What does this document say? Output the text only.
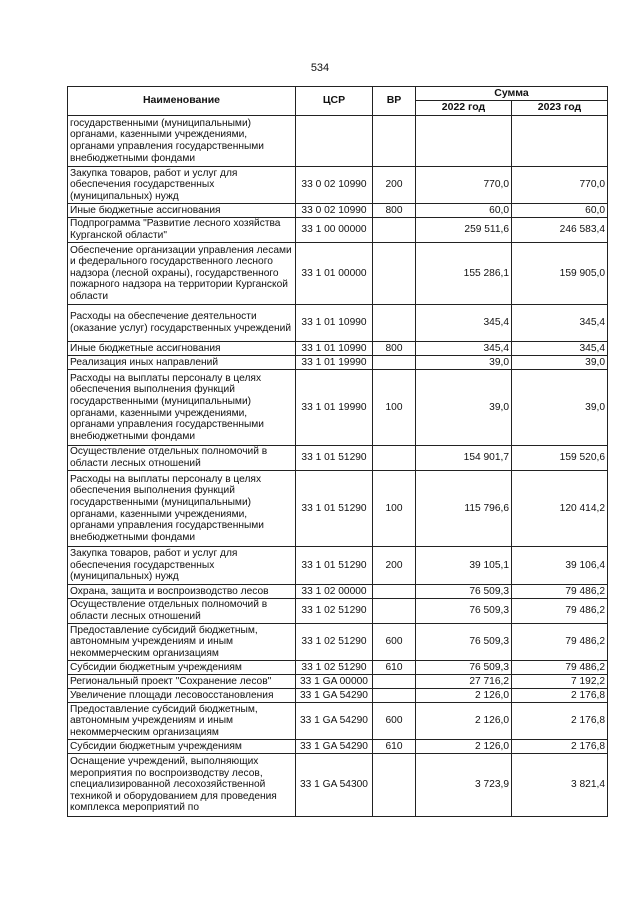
534
Наименование	ЦСР	ВР	Сумма	
			2022 год	2023 год
государственными (муниципальными) органами, казенными учреждениями, органами управления государственными внебюджетными фондами				
Закупка товаров, работ и услуг для обеспечения государственных (муниципальных) нужд	33 0 02 10990	200	770,0	770,0
Иные бюджетные ассигнования	33 0 02 10990	800	60,0	60,0
Подпрограмма "Развитие лесного хозяйства Курганской области"	33 1 00 00000		259 511,6	246 583,4
Обеспечение организации управления лесами и федерального государственного лесного надзора (лесной охраны), государственного пожарного надзора на территории Курганской области	33 1 01 00000		155 286,1	159 905,0
Расходы на обеспечение деятельности (оказание услуг) государственных учреждений	33 1 01 10990		345,4	345,4
Иные бюджетные ассигнования	33 1 01 10990	800	345,4	345,4
Реализация иных направлений	33 1 01 19990		39,0	39,0
Расходы на выплаты персоналу в целях обеспечения выполнения функций государственными (муниципальными) органами, казенными учреждениями, органами управления государственными внебюджетными фондами	33 1 01 19990	100	39,0	39,0
Осуществление отдельных полномочий в области лесных отношений	33 1 01 51290		154 901,7	159 520,6
Расходы на выплаты персоналу в целях обеспечения выполнения функций государственными (муниципальными) органами, казенными учреждениями, органами управления государственными внебюджетными фондами	33 1 01 51290	100	115 796,6	120 414,2
Закупка товаров, работ и услуг для обеспечения государственных (муниципальных) нужд	33 1 01 51290	200	39 105,1	39 106,4
Охрана, защита и воспроизводство лесов	33 1 02 00000		76 509,3	79 486,2
Осуществление отдельных полномочий в области лесных отношений	33 1 02 51290		76 509,3	79 486,2
Предоставление субсидий бюджетным, автономным учреждениям и иным некоммерческим организациям	33 1 02 51290	600	76 509,3	79 486,2
Субсидии бюджетным учреждениям	33 1 02 51290	610	76 509,3	79 486,2
Региональный проект "Сохранение лесов"	33 1 GA 00000		27 716,2	7 192,2
Увеличение площади лесовосстановления	33 1 GA 54290		2 126,0	2 176,8
Предоставление субсидий бюджетным, автономным учреждениям и иным некоммерческим организациям	33 1 GA 54290	600	2 126,0	2 176,8
Субсидии бюджетным учреждениям	33 1 GA 54290	610	2 126,0	2 176,8
Оснащение учреждений, выполняющих мероприятия по воспроизводству лесов, специализированной лесохозяйственной техникой и оборудованием для проведения комплекса мероприятий по	33 1 GA 54300		3 723,9	3 821,4
